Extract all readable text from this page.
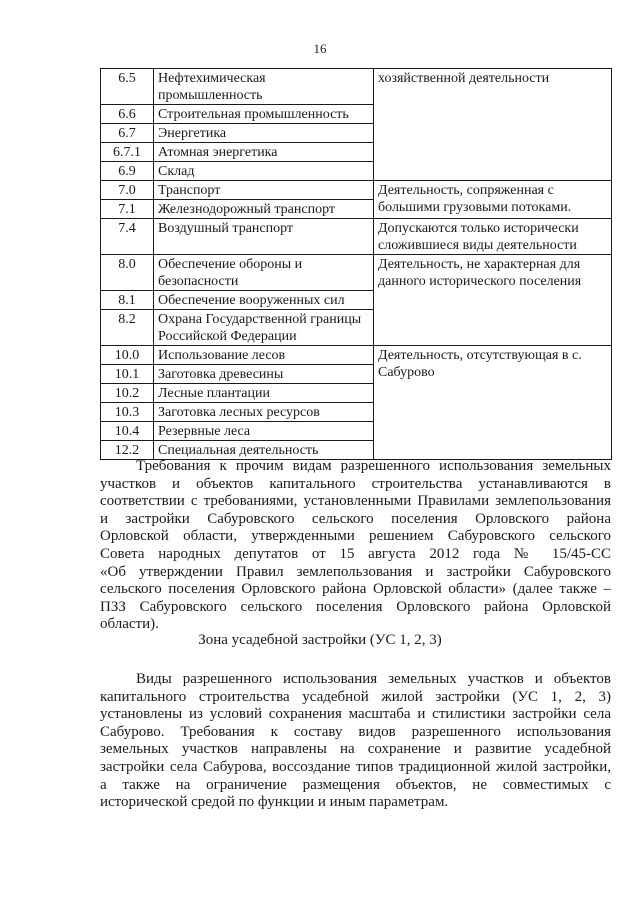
16
6.5	Нефтехимическая промышленность	хозяйственной деятельности
6.6	Строительная промышленность	
6.7	Энергетика	
6.7.1	Атомная энергетика	
6.9	Склад	
7.0	Транспорт	Деятельность, сопряженная с большими грузовыми потоками.
7.1	Железнодорожный транспорт	
7.4	Воздушный транспорт	Допускаются только исторически сложившиеся виды деятельности
8.0	Обеспечение обороны и безопасности	Деятельность, не характерная для данного исторического поселения
8.1	Обеспечение вооруженных сил	
8.2	Охрана Государственной границы Российской Федерации	
10.0	Использование лесов	Деятельность, отсутствующая в с. Сабурово
10.1	Заготовка древесины	
10.2	Лесные плантации	
10.3	Заготовка лесных ресурсов	
10.4	Резервные леса	
12.2	Специальная деятельность	

Требования к прочим видам разрешенного использования земельных
участков и объектов капитального строительства устанавливаются в
соответствии с требованиями, установленными Правилами землепользования
и застройки Сабуровского сельского поселения Орловского района
Орловской области, утвержденными решением Сабуровского сельского
Совета народных депутатов от 15 августа 2012 года № 15/45-СС
«Об утверждении Правил землепользования и застройки Сабуровского
сельского поселения Орловского района Орловской области» (далее также –
ПЗЗ Сабуровского сельского поселения Орловского района Орловской
области).

Зона усадебной застройки (УС 1, 2, 3)

Виды разрешенного использования земельных участков и объектов
капитального строительства усадебной жилой застройки (УС 1, 2, 3)
установлены из условий сохранения масштаба и стилистики застройки села
Сабурово. Требования к составу видов разрешенного использования
земельных участков направлены на сохранение и развитие усадебной
застройки села Сабурова, воссоздание типов традиционной жилой застройки,
а также на ограничение размещения объектов, не совместимых с
исторической средой по функции и иным параметрам.
